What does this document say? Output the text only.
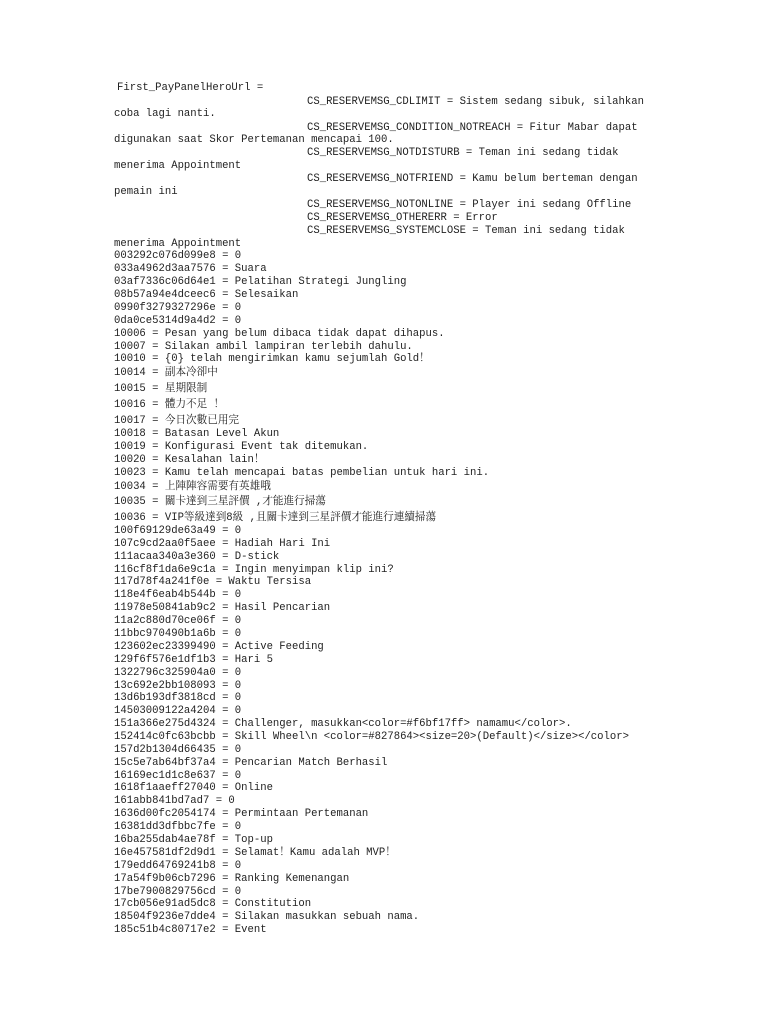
First_PayPanelHeroUrl =
CS_RESERVEMSG_CDLIMIT = Sistem sedang sibuk, silahkan
coba lagi nanti.
CS_RESERVEMSG_CONDITION_NOTREACH = Fitur Mabar dapat
digunakan saat Skor Pertemanan mencapai 100.
CS_RESERVEMSG_NOTDISTURB = Teman ini sedang tidak
menerima Appointment
CS_RESERVEMSG_NOTFRIEND = Kamu belum berteman dengan
pemain ini
CS_RESERVEMSG_NOTONLINE = Player ini sedang Offline
CS_RESERVEMSG_OTHERERR = Error
CS_RESERVEMSG_SYSTEMCLOSE = Teman ini sedang tidak
menerima Appointment
003292c076d099e8 = 0
033a4962d3aa7576 = Suara
03af7336c06d64e1 = Pelatihan Strategi Jungling
08b57a94e4dceec6 = Selesaikan
0990f3279327296e = 0
0da0ce5314d9a4d2 = 0
10006 = Pesan yang belum dibaca tidak dapat dihapus.
10007 = Silakan ambil lampiran terlebih dahulu.
10010 = {0} telah mengirimkan kamu sejumlah Gold！
10014 = 副本冷卻中
10015 = 星期限制
10016 = 體力不足 ！
10017 = 今日次數已用完
10018 = Batasan Level Akun
10019 = Konfigurasi Event tak ditemukan.
10020 = Kesalahan lain！
10023 = Kamu telah mencapai batas pembelian untuk hari ini.
10034 = 上陣陣容需要有英雄哦
10035 = 關卡達到三星評價 ,才能進行掃蕩
10036 = VIP等級達到8級 ,且關卡達到三星評價才能進行連續掃蕩
100f69129de63a49 = 0
107c9cd2aa0f5aee = Hadiah Hari Ini
111acaa340a3e360 = D-stick
116cf8f1da6e9c1a = Ingin menyimpan klip ini?
117d78f4a241f0e = Waktu Tersisa
118e4f6eab4b544b = 0
11978e50841ab9c2 = Hasil Pencarian
11a2c880d70ce06f = 0
11bbc970490b1a6b = 0
123602ec23399490 = Active Feeding
129f6f576e1df1b3 = Hari 5
1322796c325904a0 = 0
13c692e2bb108093 = 0
13d6b193df3818cd = 0
14503009122a4204 = 0
151a366e275d4324 = Challenger, masukkan<color=#f6bf17ff> namamu</color>.
152414c0fc63bcbb = Skill Wheel\n <color=#827864><size=20>(Default)</size></color>
157d2b1304d66435 = 0
15c5e7ab64bf37a4 = Pencarian Match Berhasil
16169ec1d1c8e637 = 0
1618f1aaeff27040 = Online
161abb841bd7ad7 = 0
1636d00fc2054174 = Permintaan Pertemanan
16381dd3dfbbc7fe = 0
16ba255dab4ae78f = Top-up
16e457581df2d9d1 = Selamat！Kamu adalah MVP！
179edd64769241b8 = 0
17a54f9b06cb7296 = Ranking Kemenangan
17be7900829756cd = 0
17cb056e91ad5dc8 = Constitution
18504f9236e7dde4 = Silakan masukkan sebuah nama.
185c51b4c80717e2 = Event
